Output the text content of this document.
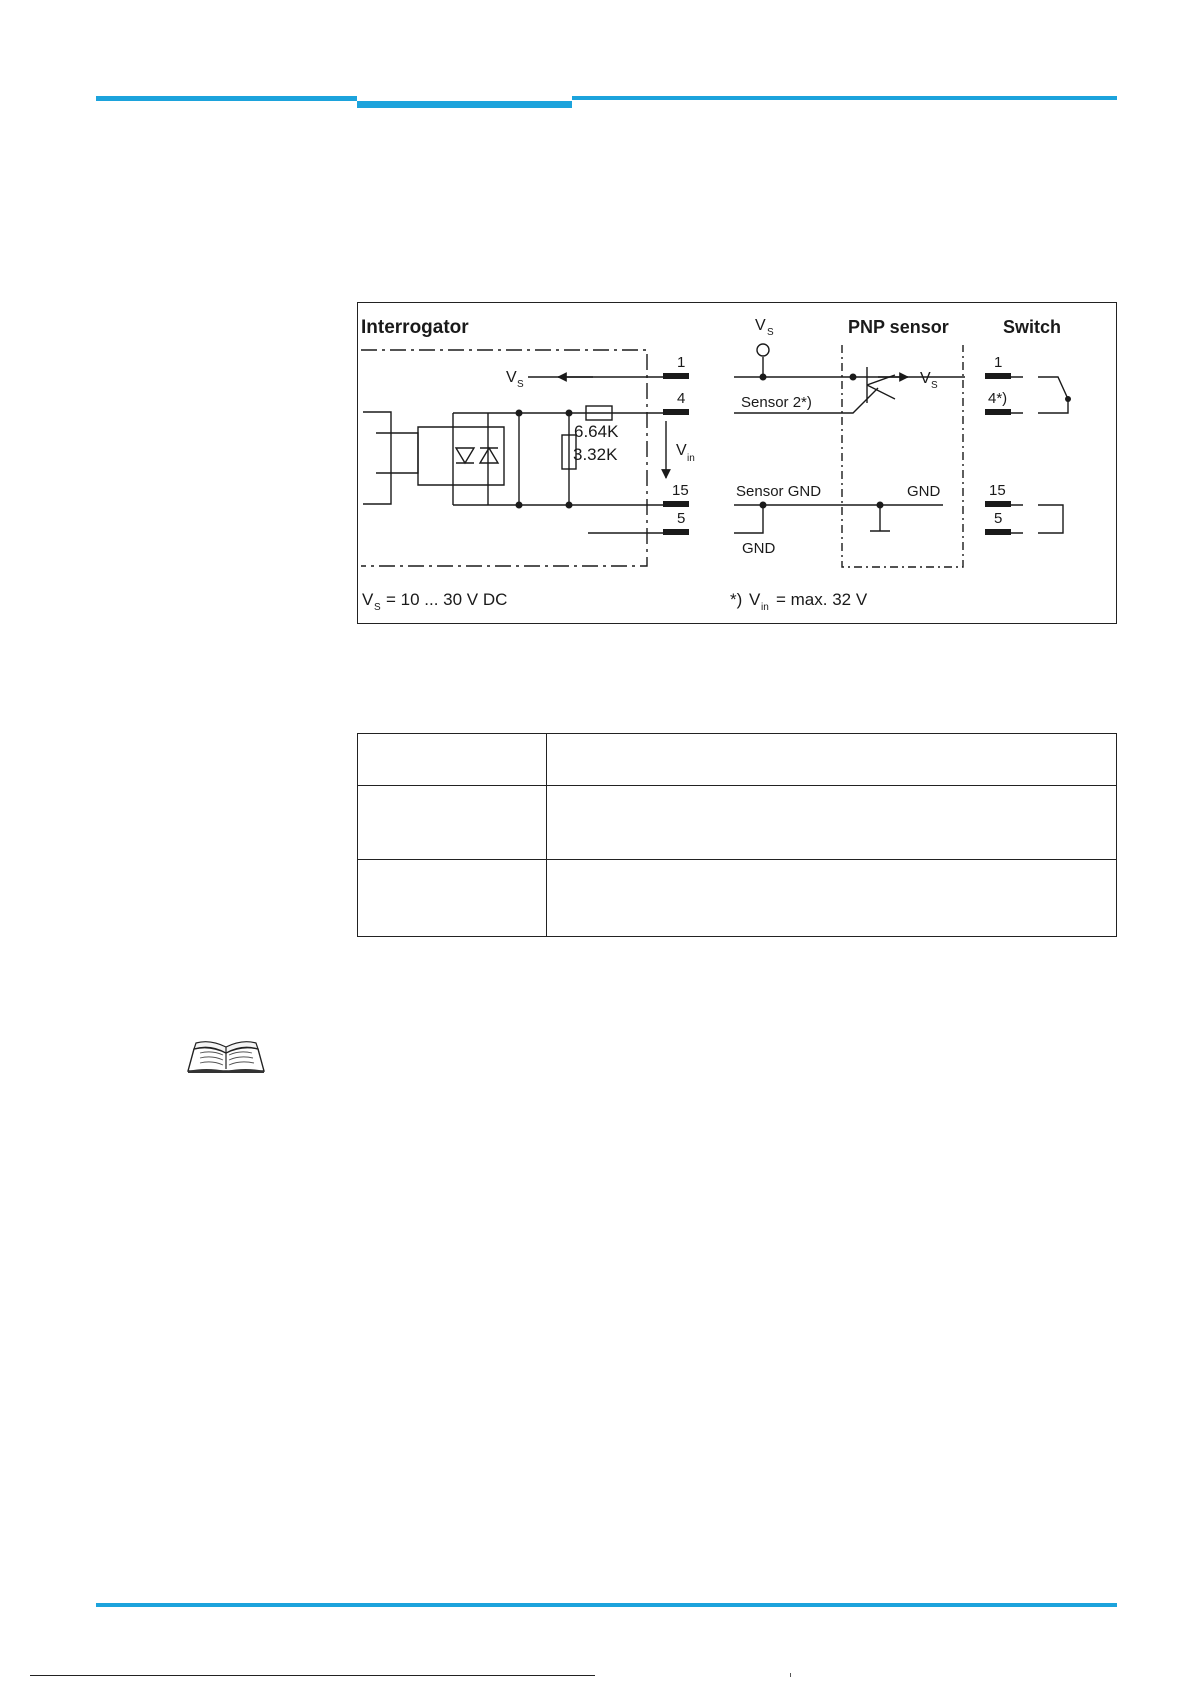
Interrogator	PNP sensor	Switch
V S
V S	V S
V in
1
4
15
5
1
4*)
15
5
6.64K
3.32K
Sensor 2*)
Sensor GND	GND
GND
V S = 10 ... 30 V DC	*) V in = max. 32 V
